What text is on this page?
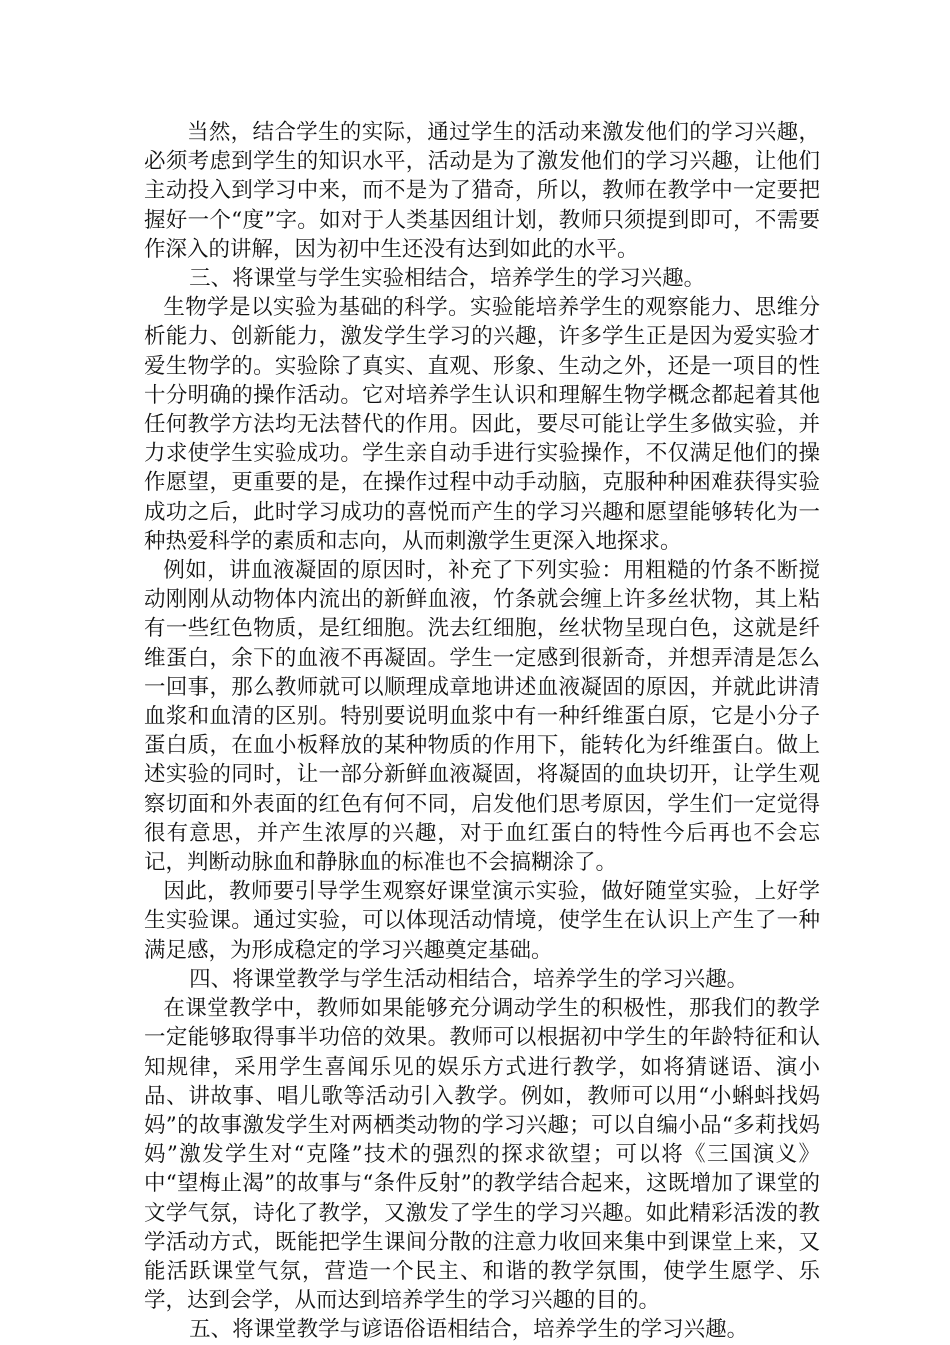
当然，结合学生的实际，通过学生的活动来激发他们的学习兴趣，必须考虑到学生的知识水平，活动是为了激发他们的学习兴趣，让他们主动投入到学习中来，而不是为了猎奇，所以，教师在教学中一定要把握好一个“度”字。如对于人类基因组计划，教师只须提到即可，不需要作深入的讲解，因为初中生还没有达到如此的水平。

三、将课堂与学生实验相结合，培养学生的学习兴趣。

生物学是以实验为基础的科学。实验能培养学生的观察能力、思维分析能力、创新能力，激发学生学习的兴趣，许多学生正是因为爱实验才爱生物学的。实验除了真实、直观、形象、生动之外，还是一项目的性十分明确的操作活动。它对培养学生认识和理解生物学概念都起着其他任何教学方法均无法替代的作用。因此，要尽可能让学生多做实验，并力求使学生实验成功。学生亲自动手进行实验操作，不仅满足他们的操作愿望，更重要的是，在操作过程中动手动脑，克服种种困难获得实验成功之后，此时学习成功的喜悦而产生的学习兴趣和愿望能够转化为一种热爱科学的素质和志向，从而刺激学生更深入地探求。

例如，讲血液凝固的原因时，补充了下列实验：用粗糙的竹条不断搅动刚刚从动物体内流出的新鲜血液，竹条就会缠上许多丝状物，其上粘有一些红色物质，是红细胞。洗去红细胞，丝状物呈现白色，这就是纤维蛋白，余下的血液不再凝固。学生一定感到很新奇，并想弄清是怎么一回事，那么教师就可以顺理成章地讲述血液凝固的原因，并就此讲清血浆和血清的区别。特别要说明血浆中有一种纤维蛋白原，它是小分子蛋白质，在血小板释放的某种物质的作用下，能转化为纤维蛋白。做上述实验的同时，让一部分新鲜血液凝固，将凝固的血块切开，让学生观察切面和外表面的红色有何不同，启发他们思考原因，学生们一定觉得很有意思，并产生浓厚的兴趣，对于血红蛋白的特性今后再也不会忘记，判断动脉血和静脉血的标准也不会搞糊涂了。

因此，教师要引导学生观察好课堂演示实验，做好随堂实验，上好学生实验课。通过实验，可以体现活动情境，使学生在认识上产生了一种满足感，为形成稳定的学习兴趣奠定基础。

四、将课堂教学与学生活动相结合，培养学生的学习兴趣。

在课堂教学中，教师如果能够充分调动学生的积极性，那我们的教学一定能够取得事半功倍的效果。教师可以根据初中学生的年龄特征和认知规律，采用学生喜闻乐见的娱乐方式进行教学，如将猜谜语、演小品、讲故事、唱儿歌等活动引入教学。例如，教师可以用“小蝌蚪找妈妈”的故事激发学生对两栖类动物的学习兴趣；可以自编小品“多莉找妈妈”激发学生对“克隆”技术的强烈的探求欲望；可以将《三国演义》中“望梅止渴”的故事与“条件反射”的教学结合起来，这既增加了课堂的文学气氛，诗化了教学，又激发了学生的学习兴趣。如此精彩活泼的教学活动方式，既能把学生课间分散的注意力收回来集中到课堂上来，又能活跃课堂气氛，营造一个民主、和谐的教学氛围，使学生愿学、乐学，达到会学，从而达到培养学生的学习兴趣的目的。

五、将课堂教学与谚语俗语相结合，培养学生的学习兴趣。
